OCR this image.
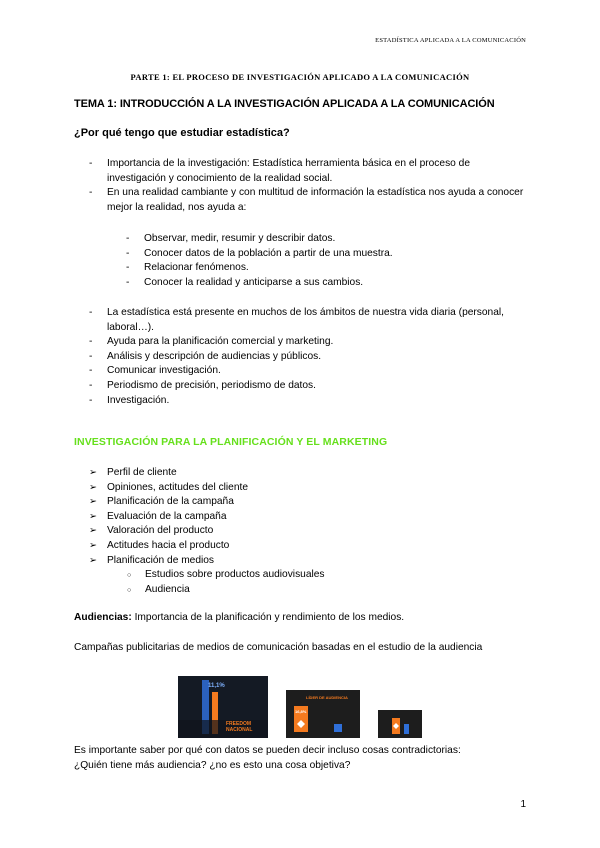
ESTADÍSTICA APLICADA A LA COMUNICACIÓN
PARTE 1: EL PROCESO DE INVESTIGACIÓN APLICADO A LA COMUNICACIÓN
TEMA 1: INTRODUCCIÓN A LA INVESTIGACIÓN APLICADA A LA COMUNICACIÓN
¿Por qué tengo que estudiar estadística?
- Importancia de la investigación: Estadística herramienta básica en el proceso de investigación y conocimiento de la realidad social.
- En una realidad cambiante y con multitud de información la estadística nos ayuda a conocer mejor la realidad, nos ayuda a:
- Observar, medir, resumir y describir datos.
- Conocer datos de la población a partir de una muestra.
- Relacionar fenómenos.
- Conocer la realidad y anticiparse a sus cambios.
- La estadística está presente en muchos de los ámbitos de nuestra vida diaria (personal, laboral…).
- Ayuda para la planificación comercial y marketing.
- Análisis y descripción de audiencias y públicos.
- Comunicar investigación.
- Periodismo de precisión, periodismo de datos.
- Investigación.
INVESTIGACIÓN PARA LA PLANIFICACIÓN Y EL MARKETING
➢ Perfil de cliente
➢ Opiniones, actitudes del cliente
➢ Planificación de la campaña
➢ Evaluación de la campaña
➢ Valoración del producto
➢ Actitudes hacia el producto
➢ Planificación de medios
○ Estudios sobre productos audiovisuales
○ Audiencia
Audiencias: Importancia de la planificación y rendimiento de los medios.
Campañas publicitarias de medios de comunicación basadas en el estudio de la audiencia
11,1%
FREEDOM
NACIONAL
LÍDER DE AUDIENCIA
16,8%
Es importante saber por qué con datos se pueden decir incluso cosas contradictorias:
¿Quién tiene más audiencia? ¿no es esto una cosa objetiva?
1
